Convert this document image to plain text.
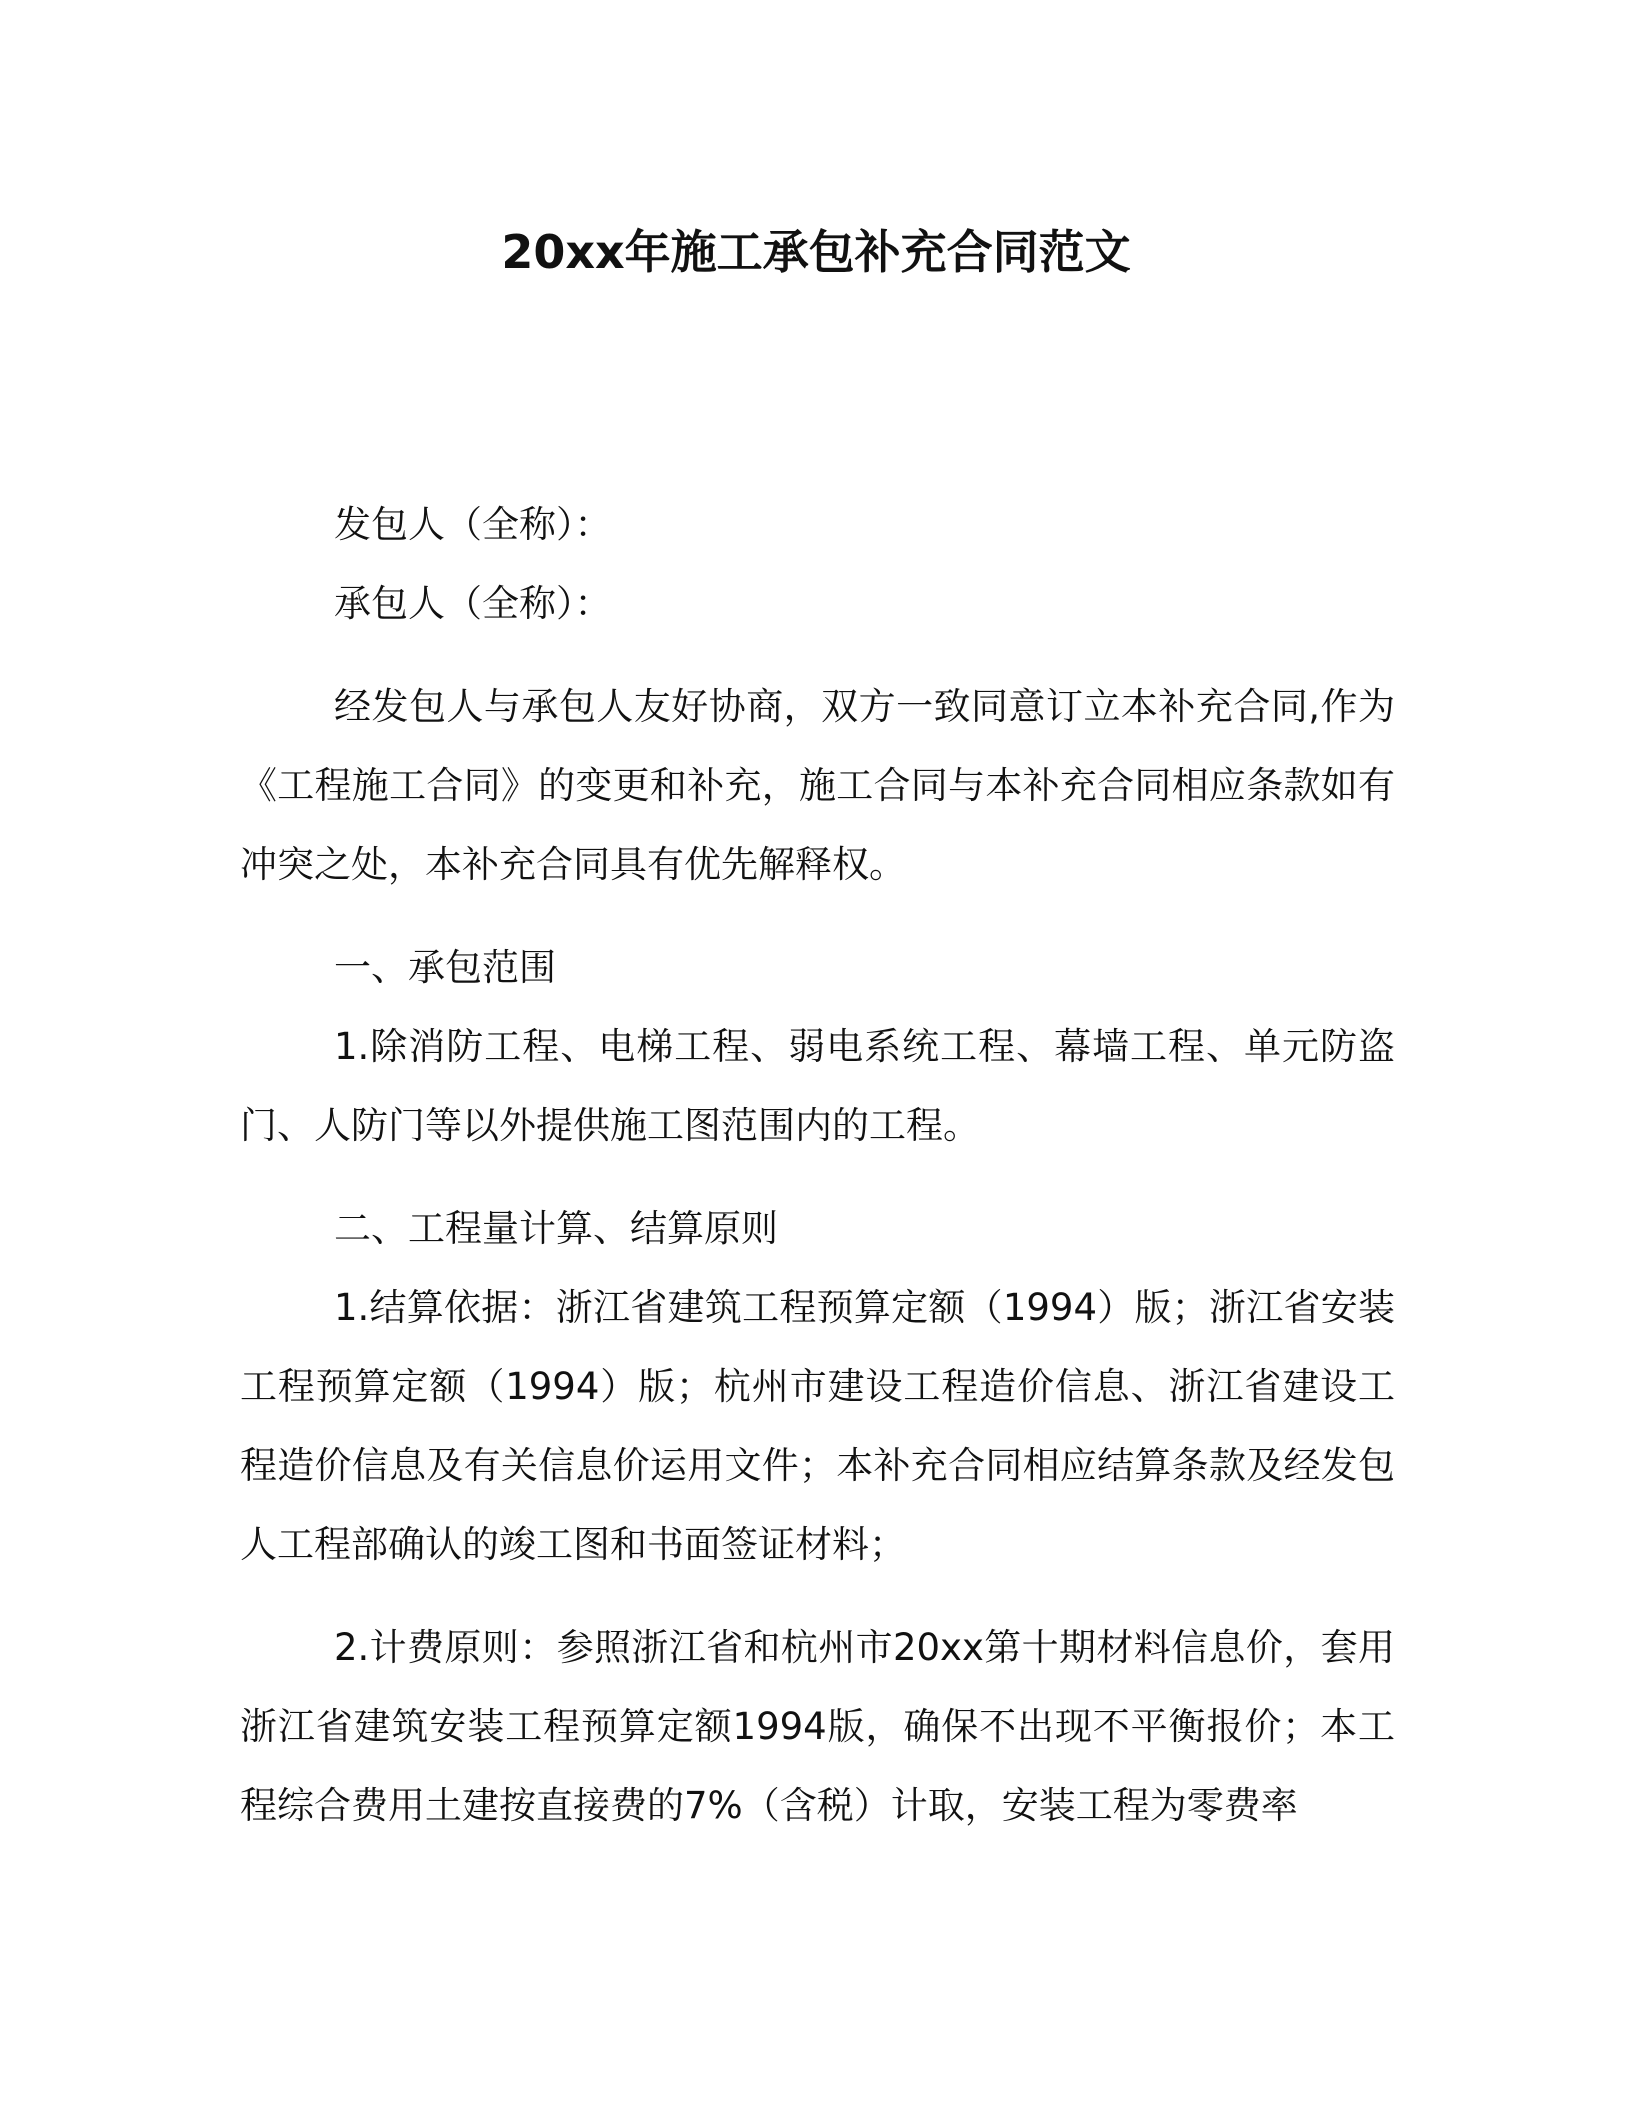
20xx年施工承包补充合同范文

发包人（全称）：

承包人（全称）：

经发包人与承包人友好协商，双方一致同意订立本补充合同,作为《工程施工合同》的变更和补充，施工合同与本补充合同相应条款如有冲突之处，本补充合同具有优先解释权。

一、承包范围

1.除消防工程、电梯工程、弱电系统工程、幕墙工程、单元防盗门、人防门等以外提供施工图范围内的工程。

二、工程量计算、结算原则

1.结算依据：浙江省建筑工程预算定额（1994）版；浙江省安装工程预算定额（1994）版；杭州市建设工程造价信息、浙江省建设工程造价信息及有关信息价运用文件；本补充合同相应结算条款及经发包人工程部确认的竣工图和书面签证材料；

2.计费原则：参照浙江省和杭州市20xx第十期材料信息价，套用浙江省建筑安装工程预算定额1994版，确保不出现不平衡报价；本工程综合费用土建按直接费的7%（含税）计取，安装工程为零费率
